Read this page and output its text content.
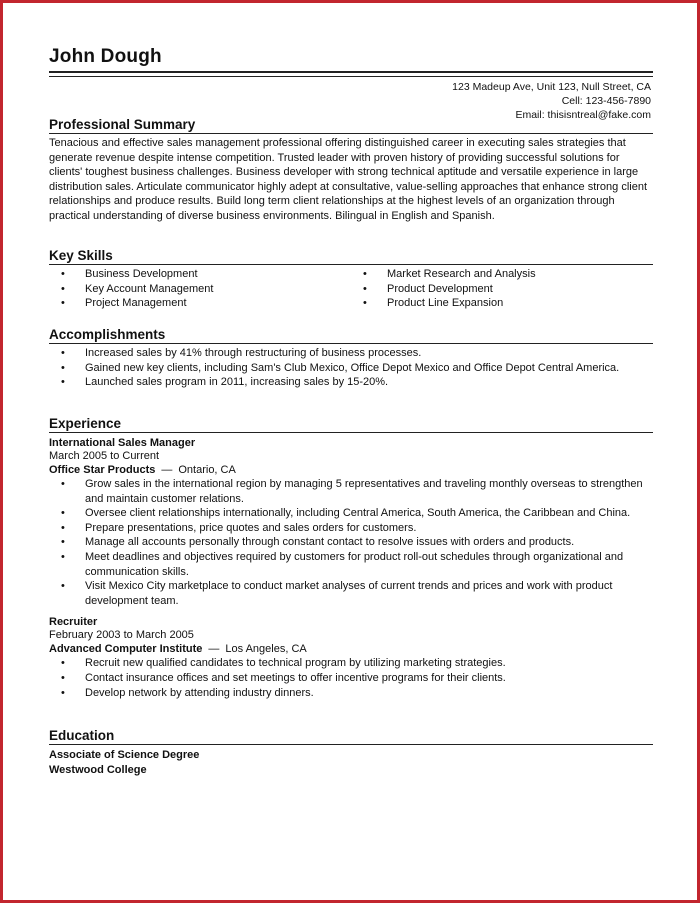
John Dough
123 Madeup Ave, Unit 123, Null Street, CA
Cell: 123-456-7890
Email: thisisntreal@fake.com
Professional Summary
Tenacious and effective sales management professional offering distinguished career in executing sales strategies that generate revenue despite intense competition. Trusted leader with proven history of providing successful solutions for clients' toughest business challenges. Business developer with strong technical aptitude and versatile experience in large distribution sales. Articulate communicator highly adept at consultative, value-selling approaches that enhance strong client relationships and produce results. Build long term client relationships at the highest levels of an organization through practical understanding of diverse business environments. Bilingual in English and Spanish.
Key Skills
• Business Development
• Key Account Management
• Project Management
• Market Research and Analysis
• Product Development
• Product Line Expansion
Accomplishments
• Increased sales by 41% through restructuring of business processes.
• Gained new key clients, including Sam's Club Mexico, Office Depot Mexico and Office Depot Central America.
• Launched sales program in 2011, increasing sales by 15-20%.
Experience
International Sales Manager
March 2005 to Current
Office Star Products — Ontario, CA
• Grow sales in the international region by managing 5 representatives and traveling monthly overseas to strengthen and maintain customer relations.
• Oversee client relationships internationally, including Central America, South America, the Caribbean and China.
• Prepare presentations, price quotes and sales orders for customers.
• Manage all accounts personally through constant contact to resolve issues with orders and products.
• Meet deadlines and objectives required by customers for product roll-out schedules through organizational and communication skills.
• Visit Mexico City marketplace to conduct market analyses of current trends and prices and work with product development team.
Recruiter
February 2003 to March 2005
Advanced Computer Institute — Los Angeles, CA
• Recruit new qualified candidates to technical program by utilizing marketing strategies.
• Contact insurance offices and set meetings to offer incentive programs for their clients.
• Develop network by attending industry dinners.
Education
Associate of Science Degree
Westwood College
